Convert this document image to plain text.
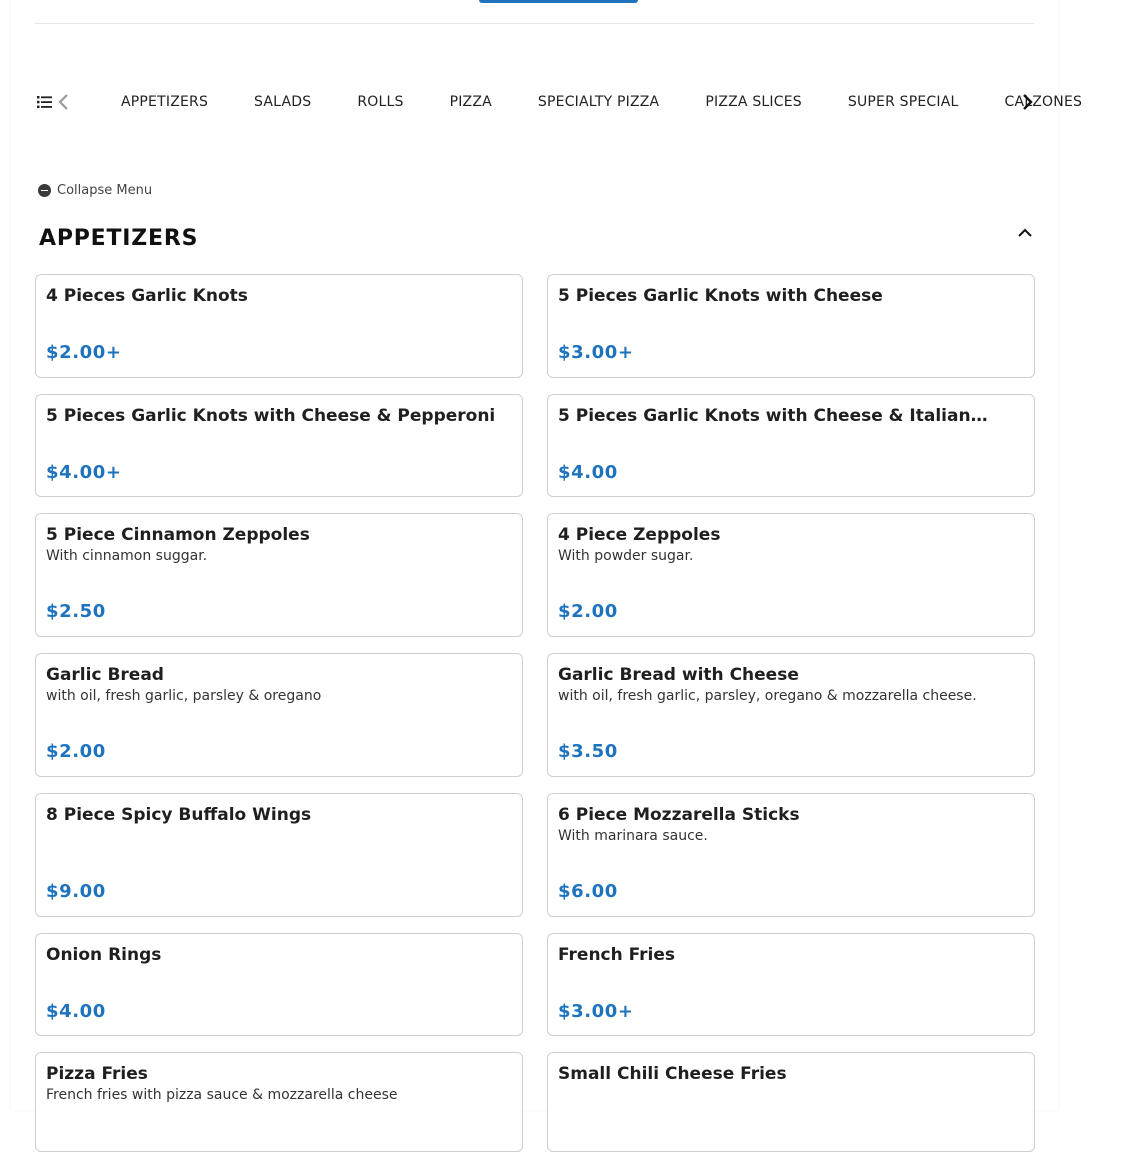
APPETIZERS	SALADS	ROLLS	PIZZA	SPECIALTY PIZZA	PIZZA SLICES	SUPER SPECIAL	CALZONES
Collapse Menu
APPETIZERS
4 Pieces Garlic Knots
$2.00+
5 Pieces Garlic Knots with Cheese
$3.00+
5 Pieces Garlic Knots with Cheese & Pepperoni
$4.00+
5 Pieces Garlic Knots with Cheese & Italian…
$4.00
5 Piece Cinnamon Zeppoles
With cinnamon suggar.
$2.50
4 Piece Zeppoles
With powder sugar.
$2.00
Garlic Bread
with oil, fresh garlic, parsley & oregano
$2.00
Garlic Bread with Cheese
with oil, fresh garlic, parsley, oregano & mozzarella cheese.
$3.50
8 Piece Spicy Buffalo Wings
$9.00
6 Piece Mozzarella Sticks
With marinara sauce.
$6.00
Onion Rings
$4.00
French Fries
$3.00+
Pizza Fries
French fries with pizza sauce & mozzarella cheese
Small Chili Cheese Fries
